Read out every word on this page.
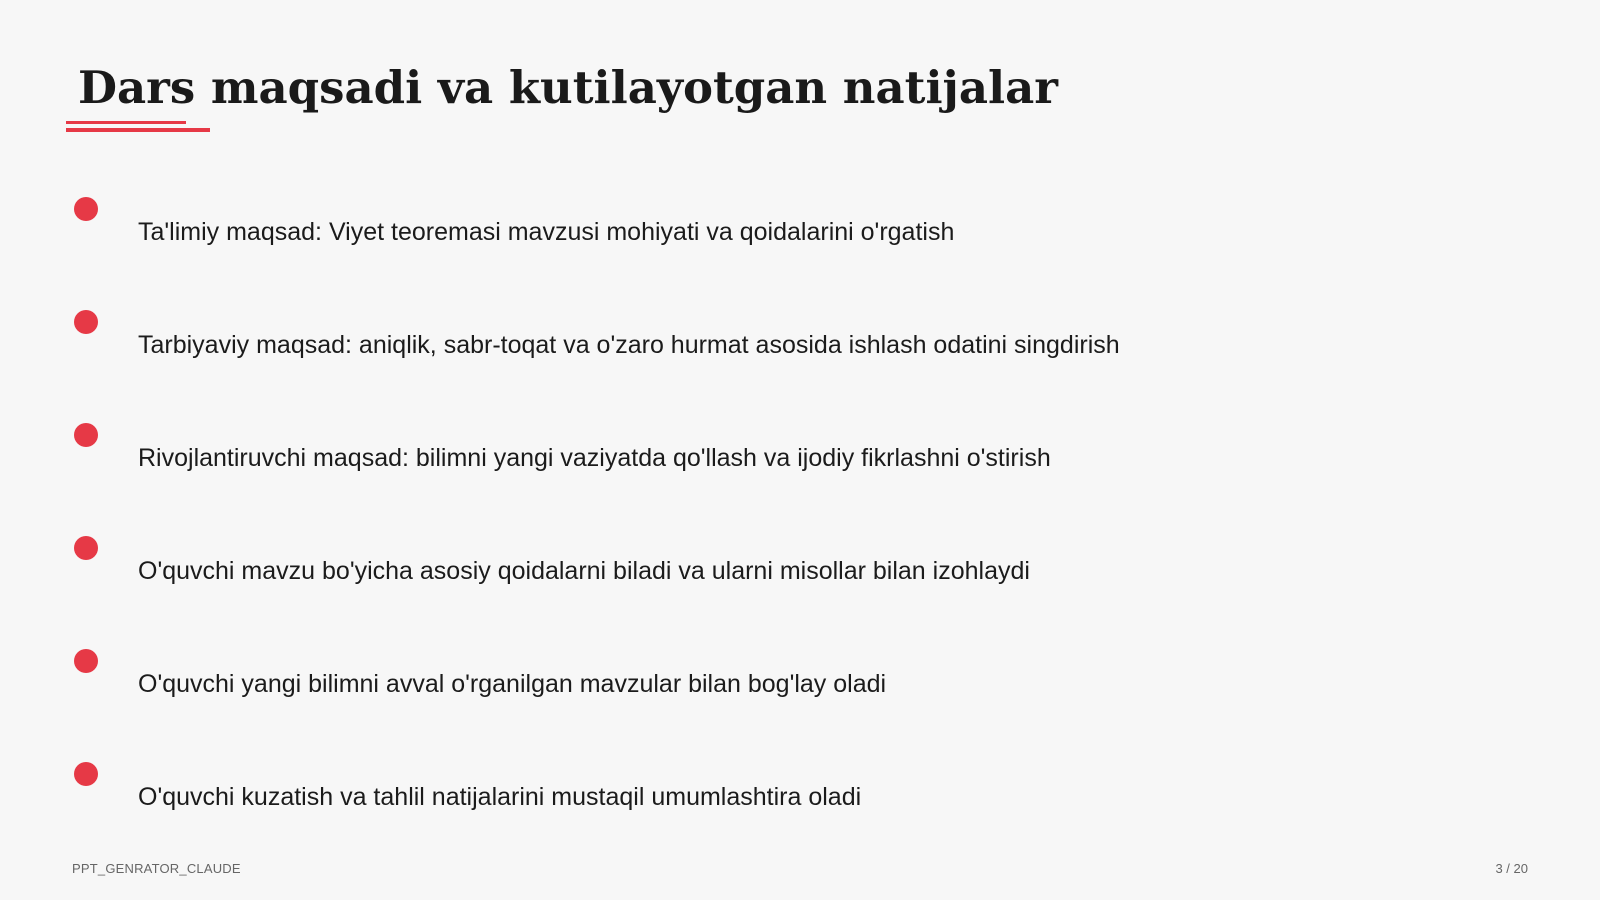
Dars maqsadi va kutilayotgan natijalar
Ta'limiy maqsad: Viyet teoremasi mavzusi mohiyati va qoidalarini o'rgatish
Tarbiyaviy maqsad: aniqlik, sabr-toqat va o'zaro hurmat asosida ishlash odatini singdirish
Rivojlantiruvchi maqsad: bilimni yangi vaziyatda qo'llash va ijodiy fikrlashni o'stirish
O'quvchi mavzu bo'yicha asosiy qoidalarni biladi va ularni misollar bilan izohlaydi
O'quvchi yangi bilimni avval o'rganilgan mavzular bilan bog'lay oladi
O'quvchi kuzatish va tahlil natijalarini mustaqil umumlashtira oladi
PPT_GENRATOR_CLAUDE	3 / 20
